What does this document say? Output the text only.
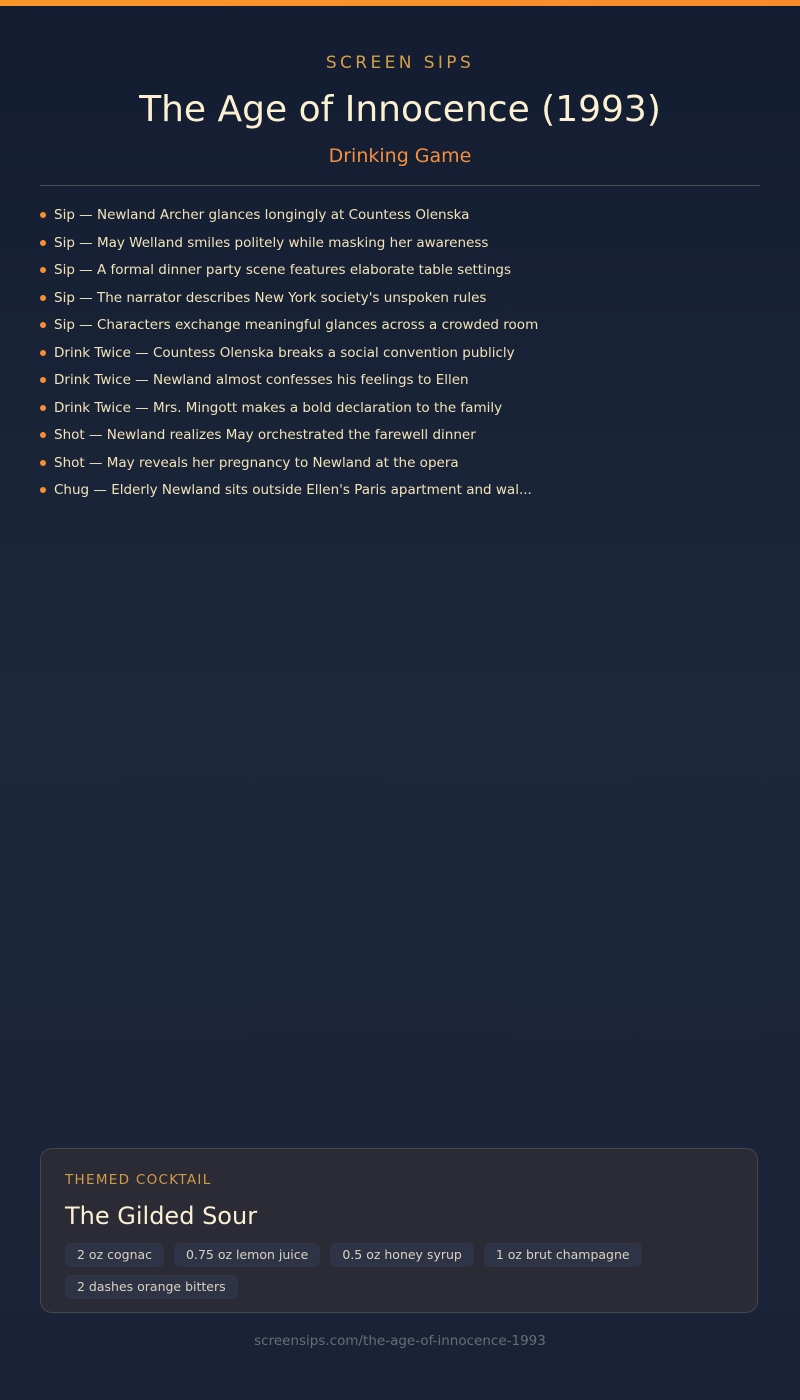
SCREEN SIPS
The Age of Innocence (1993)
Drinking Game
Sip — Newland Archer glances longingly at Countess Olenska
Sip — May Welland smiles politely while masking her awareness
Sip — A formal dinner party scene features elaborate table settings
Sip — The narrator describes New York society's unspoken rules
Sip — Characters exchange meaningful glances across a crowded room
Drink Twice — Countess Olenska breaks a social convention publicly
Drink Twice — Newland almost confesses his feelings to Ellen
Drink Twice — Mrs. Mingott makes a bold declaration to the family
Shot — Newland realizes May orchestrated the farewell dinner
Shot — May reveals her pregnancy to Newland at the opera
Chug — Elderly Newland sits outside Ellen's Paris apartment and wal...
THEMED COCKTAIL
The Gilded Sour
2 oz cognac	0.75 oz lemon juice	0.5 oz honey syrup	1 oz brut champagne
2 dashes orange bitters
screensips.com/the-age-of-innocence-1993
